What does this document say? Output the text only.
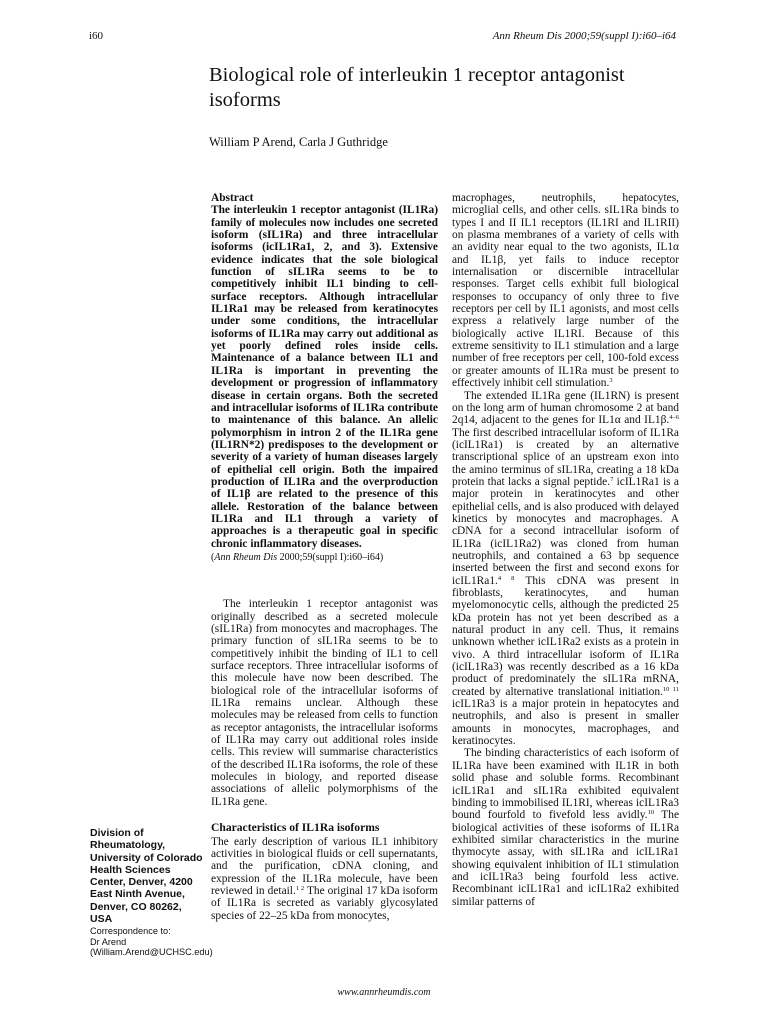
i60	Ann Rheum Dis 2000;59(suppl I):i60–i64
Biological role of interleukin 1 receptor antagonist isoforms
William P Arend, Carla J Guthridge

Abstract

The interleukin 1 receptor antagonist (IL1Ra) family of molecules now includes one secreted isoform (sIL1Ra) and three intracellular isoforms (icIL1Ra1, 2, and 3). Extensive evidence indicates that the sole biological function of sIL1Ra seems to be to competitively inhibit IL1 binding to cell-surface receptors. Although intracellular IL1Ra1 may be released from keratinocytes under some conditions, the intracellular isoforms of IL1Ra may carry out additional as yet poorly defined roles inside cells. Maintenance of a balance between IL1 and IL1Ra is important in preventing the development or progression of inflammatory disease in certain organs. Both the secreted and intracellular isoforms of IL1Ra contribute to maintenance of this balance. An allelic polymorphism in intron 2 of the IL1Ra gene (IL1RN*2) predisposes to the development or severity of a variety of human diseases largely of epithelial cell origin. Both the impaired production of IL1Ra and the overproduction of IL1β are related to the presence of this allele. Restoration of the balance between IL1Ra and IL1 through a variety of approaches is a therapeutic goal in specific chronic inflammatory diseases.

(Ann Rheum Dis 2000;59(suppl I):i60–i64)

The interleukin 1 receptor antagonist was originally described as a secreted molecule (sIL1Ra) from monocytes and macrophages. The primary function of sIL1Ra seems to be to competitively inhibit the binding of IL1 to cell surface receptors. Three intracellular isoforms of this molecule have now been described. The biological role of the intracellular isoforms of IL1Ra remains unclear. Although these molecules may be released from cells to function as receptor antagonists, the intracellular isoforms of IL1Ra may carry out additional roles inside cells. This review will summarise characteristics of the described IL1Ra isoforms, the role of these molecules in biology, and reported disease associations of allelic polymorphisms of the IL1Ra gene.

Characteristics of IL1Ra isoforms

The early description of various IL1 inhibitory activities in biological fluids or cell supernatants, and the purification, cDNA cloning, and expression of the IL1Ra molecule, have been reviewed in detail.$^{1 2}$ The original 17 kDa isoform of IL1Ra is secreted as variably glycosylated species of 22–25 kDa from monocytes,

macrophages, neutrophils, hepatocytes, microglial cells, and other cells. sIL1Ra binds to types I and II IL1 receptors (IL1RI and IL1RII) on plasma membranes of a variety of cells with an avidity near equal to the two agonists, IL1α and IL1β, yet fails to induce receptor internalisation or discernible intracellular responses. Target cells exhibit full biological responses to occupancy of only three to five receptors per cell by IL1 agonists, and most cells express a relatively large number of the biologically active IL1RI. Because of this extreme sensitivity to IL1 stimulation and a large number of free receptors per cell, 100-fold excess or greater amounts of IL1Ra must be present to effectively inhibit cell stimulation.$^3$

The extended IL1Ra gene (IL1RN) is present on the long arm of human chromosome 2 at band 2q14, adjacent to the genes for IL1α and IL1β.$^{4-6}$ The first described intracellular isoform of IL1Ra (icIL1Ra1) is created by an alternative transcriptional splice of an upstream exon into the amino terminus of sIL1Ra, creating a 18 kDa protein that lacks a signal peptide.$^7$ icIL1Ra1 is a major protein in keratinocytes and other epithelial cells, and is also produced with delayed kinetics by monocytes and macrophages. A cDNA for a second intracellular isoform of IL1Ra (icIL1Ra2) was cloned from human neutrophils, and contained a 63 bp sequence inserted between the first and second exons for icIL1Ra1.$^{4 8}$ This cDNA was present in fibroblasts, keratinocytes, and human myelomonocytic cells, although the predicted 25 kDa protein has not yet been described as a natural product in any cell. Thus, it remains unknown whether icIL1Ra2 exists as a protein in vivo. A third intracellular isoform of IL1Ra (icIL1Ra3) was recently described as a 16 kDa product of predominately the sIL1Ra mRNA, created by alternative translational initiation.$^{10 11}$ icIL1Ra3 is a major protein in hepatocytes and neutrophils, and also is present in smaller amounts in monocytes, macrophages, and keratinocytes.

The binding characteristics of each isoform of IL1Ra have been examined with IL1R in both solid phase and soluble forms. Recombinant icIL1Ra1 and sIL1Ra exhibited equivalent binding to immobilised IL1RI, whereas icIL1Ra3 bound fourfold to fivefold less avidly.$^{10}$ The biological activities of these isoforms of IL1Ra exhibited similar characteristics in the murine thymocyte assay, with sIL1Ra and icIL1Ra1 showing equivalent inhibition of IL1 stimulation and icIL1Ra3 being fourfold less active. Recombinant icIL1Ra1 and icIL1Ra2 exhibited similar patterns of

Division of
Rheumatology,
University of Colorado
Health Sciences
Center, Denver, 4200
East Ninth Avenue,
Denver, CO 80262,
USA
Correspondence to:
Dr Arend
(William.Arend@UCHSC.edu)
www.annrheumdis.com
